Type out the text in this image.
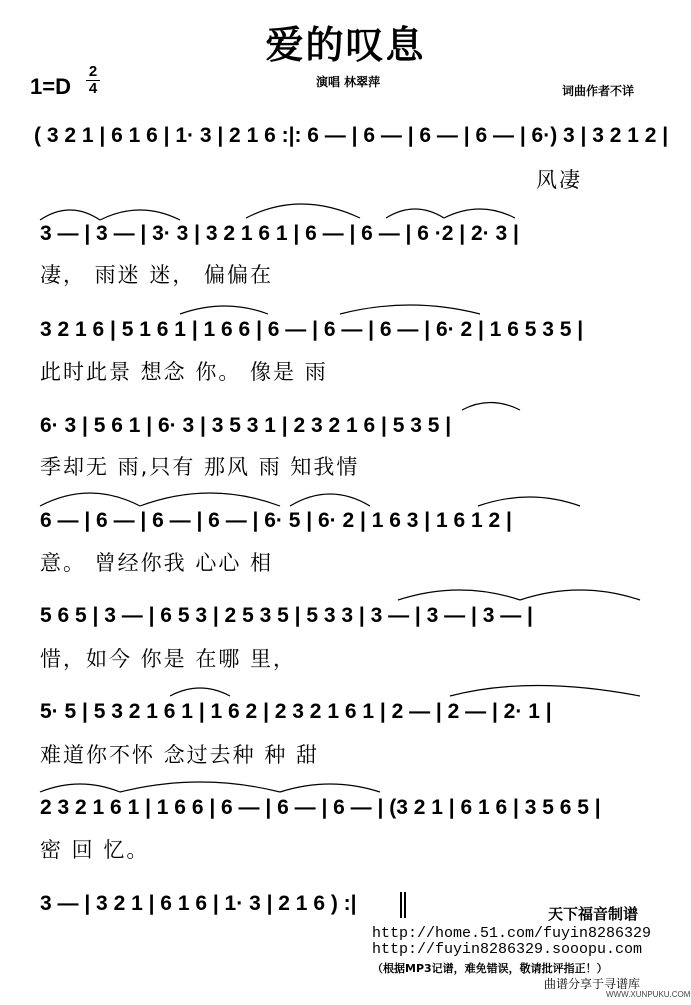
爱的叹息
$1=D \frac{2}{4}$	演唱 林翠萍
词曲作者不详
( 3 2 1 | 6 1 6 | 1· 3 | 2 1 6 :|: 6 — | 6 — | 6 — | 6 — | 6·) 3 | 3 2 1 2 |
风凄
3 — | 3 — | 3· 3 | 3 2 1 6 1 | 6 — | 6 — | 6 ·2 | 2· 3 |
凄， 雨迷 迷， 偏偏在
3 2 1 6 | 5 1 6 1 | 1 6 6 | 6 — | 6 — | 6 — | 6· 2 | 1 6 5 3 5 |
此时此景 想念 你。 像是 雨
6· 3 | 5 6 1 | 6· 3 | 3 5 3 1 | 2 3 2 1 6 | 5 3 5 |
季却无 雨,只有 那风 雨 知我情
6 — | 6 — | 6 — | 6 — | 6· 5 | 6· 2 | 1 6 3 | 1 6 1 2 |
意。 曾经你我 心心 相
5 6 5 | 3 — | 6 5 3 | 2 5 3 5 | 5 3 3 | 3 — | 3 — | 3 — |
惜，如今 你是 在哪 里，
5· 5 | 5 3 2 1 6 1 | 1 6 2 | 2 3 2 1 6 1 | 2 — | 2 — | 2· 1 |
难道你不怀 念过去种 种 甜
2 3 2 1 6 1 | 1 6 6 | 6 — | 6 — | 6 — | (3 2 1 | 6 1 6 | 3 5 6 5 |
密 回 忆。
3 — | 3 2 1 | 6 1 6 | 1· 3 | 2 1 6 ) :|	天下福音制谱
http://home.51.com/fuyin8286329
http://fuyin8286329.sooopu.com
（根据MP3记谱，难免错误，敬请批评指正！）
曲谱分享于寻谱库
WWW.XUNPUKU.COM
